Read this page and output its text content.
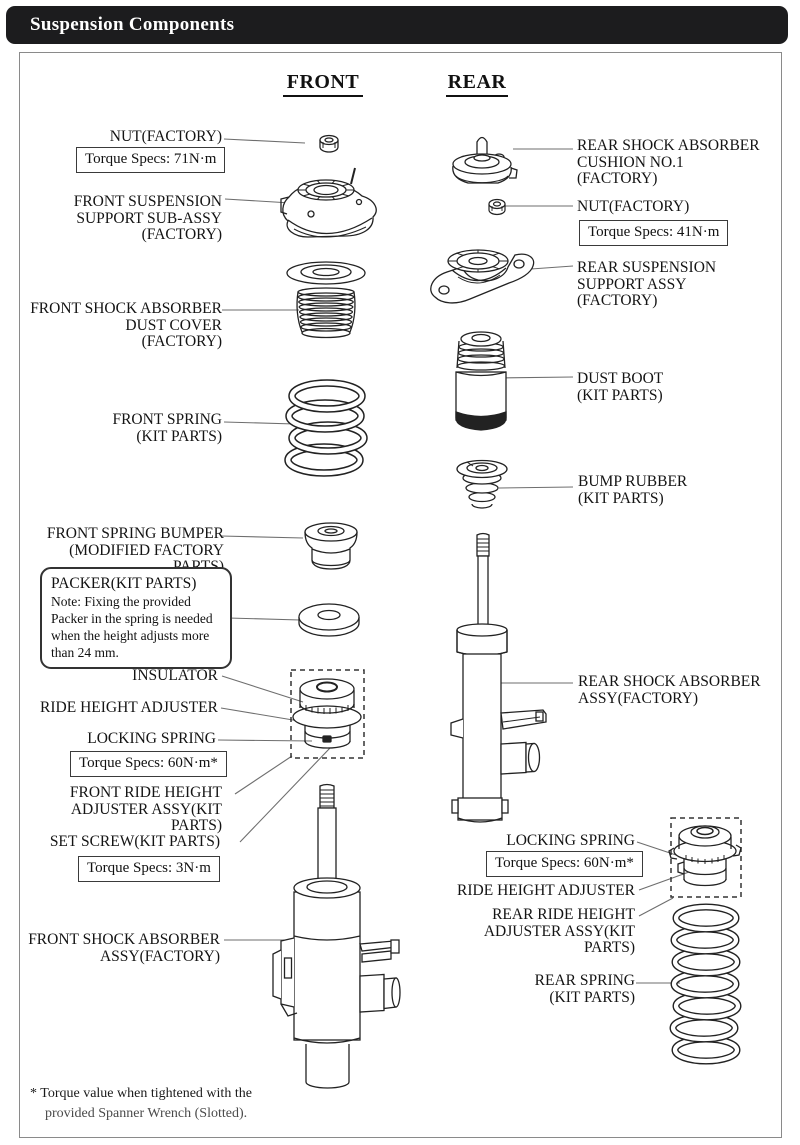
Suspension Components
FRONT	REAR
NUT(FACTORY)
Torque Specs: 71N·m
FRONT SUSPENSION
SUPPORT SUB-ASSY
(FACTORY)
FRONT SHOCK ABSORBER
DUST COVER
(FACTORY)
FRONT SPRING
(KIT PARTS)
FRONT SPRING BUMPER
(MODIFIED FACTORY
PACKER(KIT PARTS)
Note: Fixing the provided
Packer in the spring is needed
when the height adjusts more
than 24 mm.
INSULATOR
RIDE HEIGHT ADJUSTER
LOCKING SPRING
Torque Specs: 60N·m*
FRONT RIDE HEIGHT
ADJUSTER ASSY(KIT PARTS)
SET SCREW(KIT PARTS)
Torque Specs: 3N·m
FRONT SHOCK ABSORBER
ASSY(FACTORY)
REAR SHOCK ABSORBER
CUSHION NO.1
(FACTORY)
NUT(FACTORY)
Torque Specs: 41N·m
REAR SUSPENSION
SUPPORT ASSY
(FACTORY)
DUST BOOT
(KIT PARTS)
BUMP RUBBER
(KIT PARTS)
REAR SHOCK ABSORBER
ASSY(FACTORY)
LOCKING SPRING
Torque Specs: 60N·m*
RIDE HEIGHT ADJUSTER
REAR RIDE HEIGHT
ADJUSTER ASSY(KIT PARTS)
REAR SPRING
(KIT PARTS)
* Torque value when tightened with the
provided Spanner Wrench (Slotted).
